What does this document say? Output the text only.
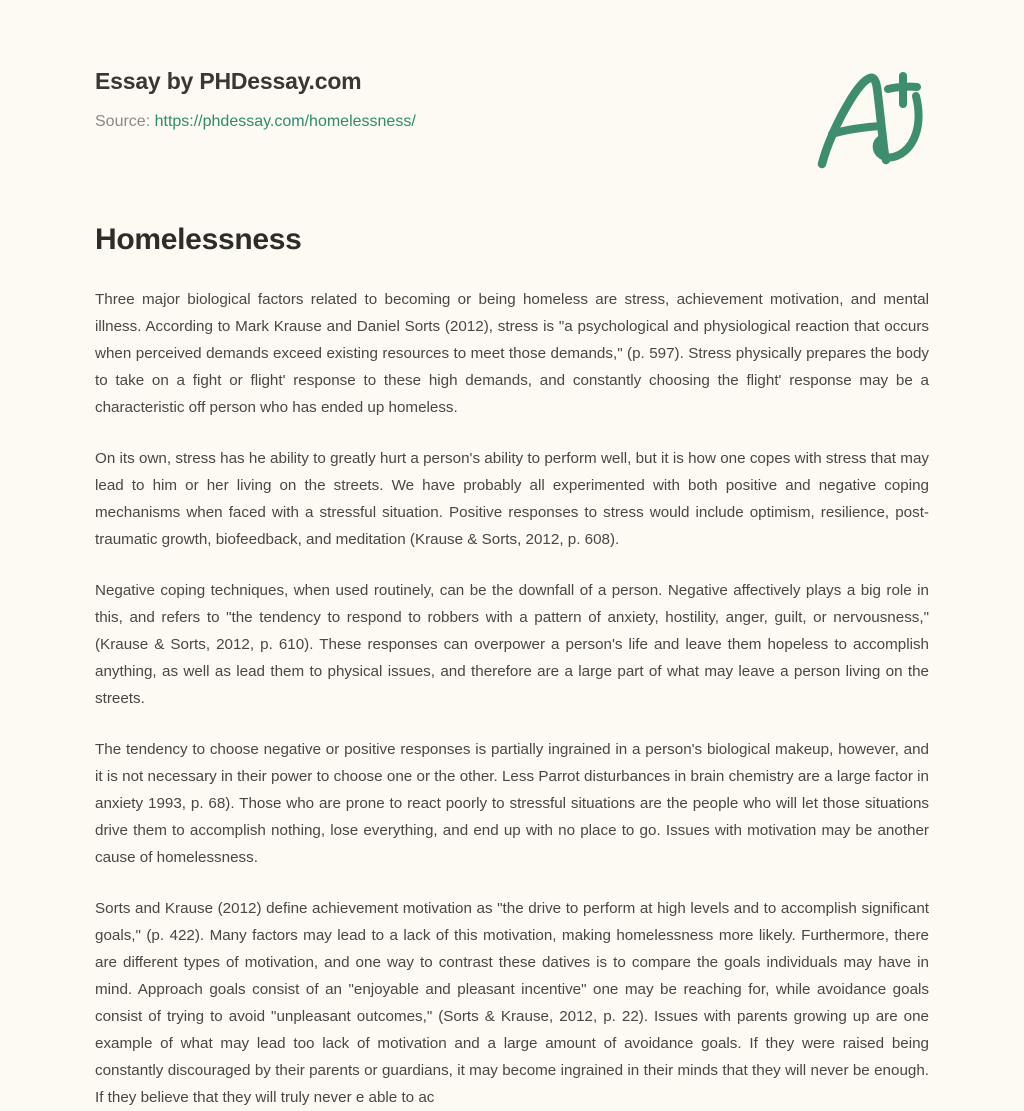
Essay by PHDessay.com
Source: https://phdessay.com/homelessness/
Homelessness

Three major biological factors related to becoming or being homeless are stress, achievement motivation, and mental illness. According to Mark Krause and Daniel Sorts (2012), stress is "a psychological and physiological reaction that occurs when perceived demands exceed existing resources to meet those demands," (p. 597). Stress physically prepares the body to take on a fight or flight' response to these high demands, and constantly choosing the flight' response may be a characteristic off person who has ended up homeless.

On its own, stress has he ability to greatly hurt a person's ability to perform well, but it is how one copes with stress that may lead to him or her living on the streets. We have probably all experimented with both positive and negative coping mechanisms when faced with a stressful situation. Positive responses to stress would include optimism, resilience, post-traumatic growth, biofeedback, and meditation (Krause & Sorts, 2012, p. 608).

Negative coping techniques, when used routinely, can be the downfall of a person. Negative affectively plays a big role in this, and refers to "the tendency to respond to robbers with a pattern of anxiety, hostility, anger, guilt, or nervousness," (Krause & Sorts, 2012, p. 610). These responses can overpower a person's life and leave them hopeless to accomplish anything, as well as lead them to physical issues, and therefore are a large part of what may leave a person living on the streets.

The tendency to choose negative or positive responses is partially ingrained in a person's biological makeup, however, and it is not necessary in their power to choose one or the other. Less Parrot disturbances in brain chemistry are a large factor in anxiety 1993, p. 68). Those who are prone to react poorly to stressful situations are the people who will let those situations drive them to accomplish nothing, lose everything, and end up with no place to go. Issues with motivation may be another cause of homelessness.

Sorts and Krause (2012) define achievement motivation as "the drive to perform at high levels and to accomplish significant goals," (p. 422). Many factors may lead to a lack of this motivation, making homelessness more likely. Furthermore, there are different types of motivation, and one way to contrast these datives is to compare the goals individuals may have in mind. Approach goals consist of an "enjoyable and pleasant incentive" one may be reaching for, while avoidance goals consist of trying to avoid "unpleasant outcomes," (Sorts & Krause, 2012, p. 22). Issues with parents growing up are one example of what may lead too lack of motivation and a large amount of avoidance goals. If they were raised being constantly discouraged by their parents or guardians, it may become ingrained in their minds that they will never be enough. If they believe that they will truly never e able to ac
